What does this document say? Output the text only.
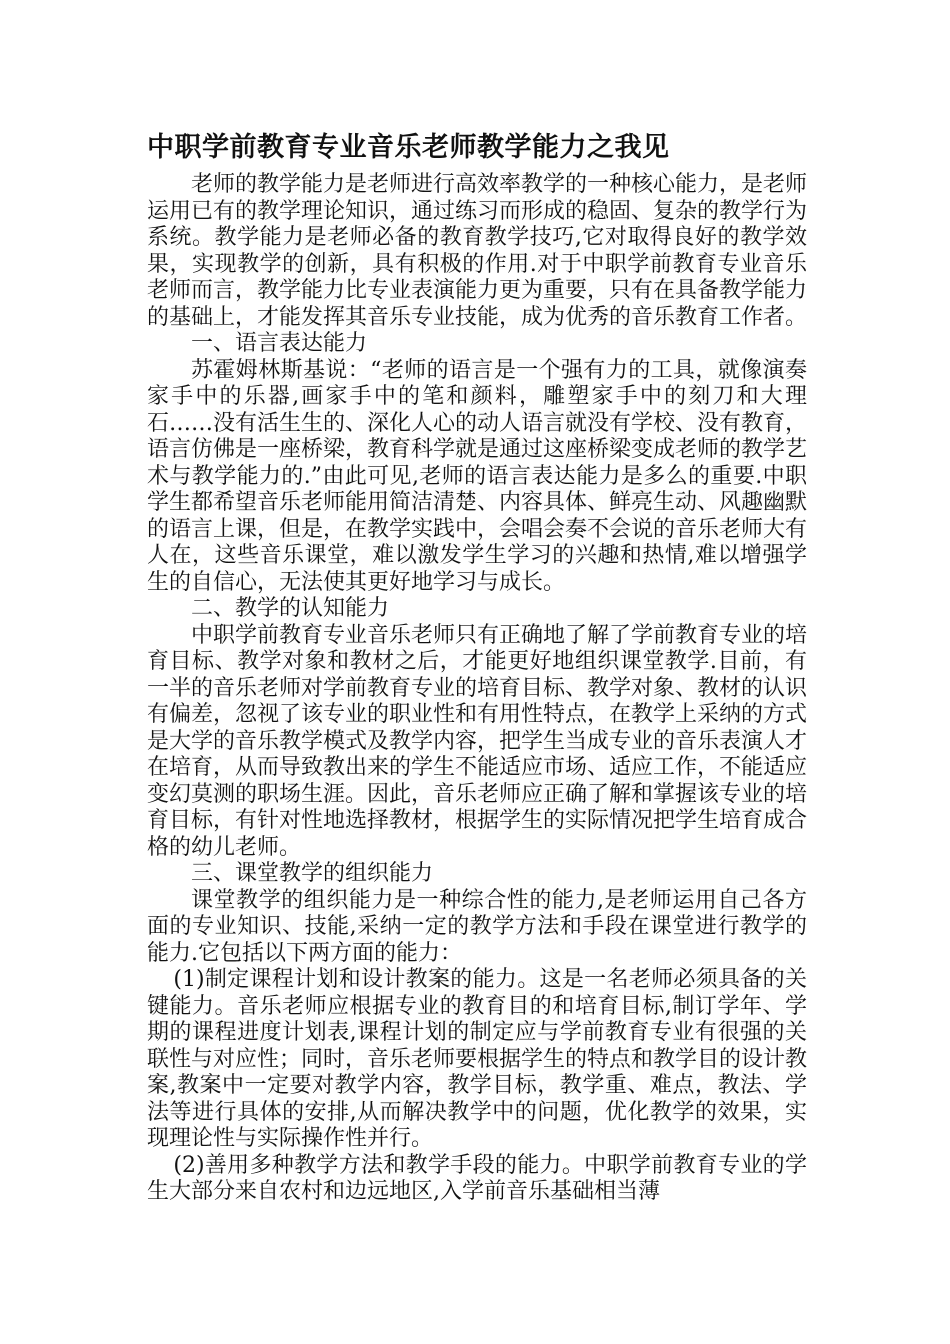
中职学前教育专业音乐老师教学能力之我见

老师的教学能力是老师进行高效率教学的一种核心能力，是老师运用已有的教学理论知识，通过练习而形成的稳固、复杂的教学行为系统。教学能力是老师必备的教育教学技巧,它对取得良好的教学效果，实现教学的创新，具有积极的作用.对于中职学前教育专业音乐老师而言，教学能力比专业表演能力更为重要，只有在具备教学能力的基础上，才能发挥其音乐专业技能，成为优秀的音乐教育工作者。

一、语言表达能力

苏霍姆林斯基说：“老师的语言是一个强有力的工具，就像演奏家手中的乐器,画家手中的笔和颜料，雕塑家手中的刻刀和大理石……没有活生生的、深化人心的动人语言就没有学校、没有教育，语言仿佛是一座桥梁，教育科学就是通过这座桥梁变成老师的教学艺术与教学能力的.”由此可见,老师的语言表达能力是多么的重要.中职学生都希望音乐老师能用简洁清楚、内容具体、鲜亮生动、风趣幽默的语言上课，但是，在教学实践中，会唱会奏不会说的音乐老师大有人在，这些音乐课堂，难以激发学生学习的兴趣和热情,难以增强学生的自信心，无法使其更好地学习与成长。

二、教学的认知能力

中职学前教育专业音乐老师只有正确地了解了学前教育专业的培育目标、教学对象和教材之后，才能更好地组织课堂教学.目前，有一半的音乐老师对学前教育专业的培育目标、教学对象、教材的认识有偏差，忽视了该专业的职业性和有用性特点，在教学上采纳的方式是大学的音乐教学模式及教学内容，把学生当成专业的音乐表演人才在培育，从而导致教出来的学生不能适应市场、适应工作，不能适应变幻莫测的职场生涯。因此，音乐老师应正确了解和掌握该专业的培育目标，有针对性地选择教材，根据学生的实际情况把学生培育成合格的幼儿老师。

三、课堂教学的组织能力

课堂教学的组织能力是一种综合性的能力,是老师运用自己各方面的专业知识、技能,采纳一定的教学方法和手段在课堂进行教学的能力.它包括以下两方面的能力：

(1)制定课程计划和设计教案的能力。这是一名老师必须具备的关键能力。音乐老师应根据专业的教育目的和培育目标,制订学年、学期的课程进度计划表,课程计划的制定应与学前教育专业有很强的关联性与对应性；同时，音乐老师要根据学生的特点和教学目的设计教案,教案中一定要对教学内容，教学目标，教学重、难点，教法、学法等进行具体的安排,从而解决教学中的问题，优化教学的效果，实现理论性与实际操作性并行。

(2)善用多种教学方法和教学手段的能力。中职学前教育专业的学生大部分来自农村和边远地区,入学前音乐基础相当薄
